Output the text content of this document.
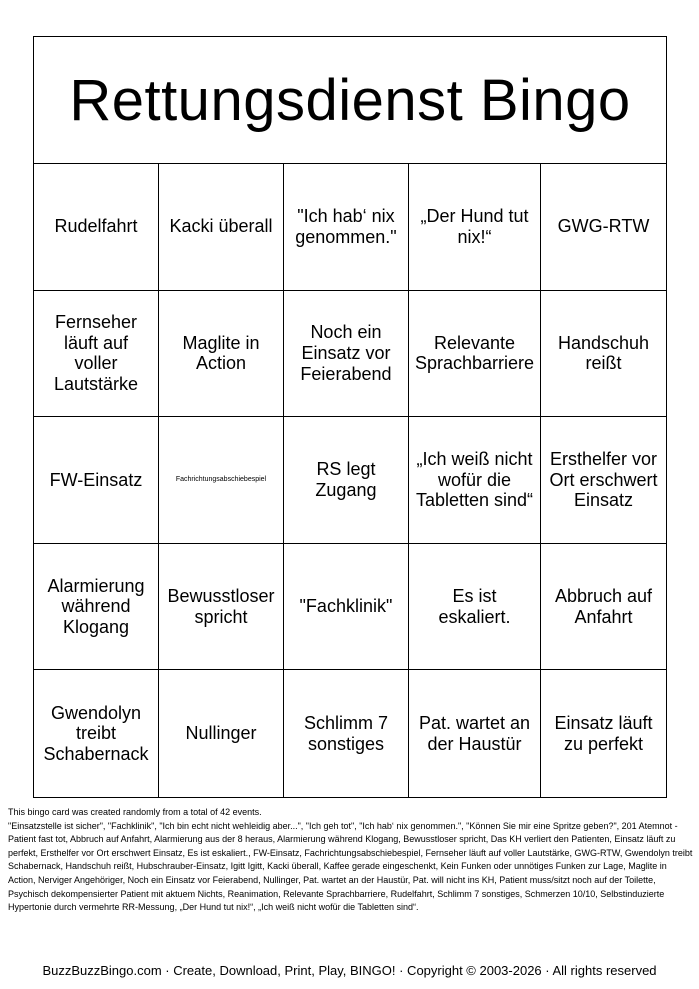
Rettungsdienst Bingo
Rudelfahrt	Kacki überall
"Ich hab‘ nix genommen."
„Der Hund tut nix!“
GWG-RTW
Fernseher läuft auf voller Lautstärke
Maglite in Action
Noch ein Einsatz vor Feierabend
Relevante Sprachbarriere
Handschuh reißt
FW-Einsatz	Fachrichtungsabschiebespiel
RS legt Zugang
„Ich weiß nicht wofür die Tabletten sind“
Ersthelfer vor Ort erschwert Einsatz
Alarmierung während Klogang
Bewusstloser spricht
"Fachklinik"
Es ist eskaliert.
Abbruch auf Anfahrt
Gwendolyn treibt Schabernack
Nullinger
Schlimm 7 sonstiges
Pat. wartet an der Haustür
Einsatz läuft zu perfekt
This bingo card was created randomly from a total of 42 events.
"Einsatzstelle ist sicher", "Fachklinik", "Ich bin echt nicht wehleidig aber...", "Ich geh tot", "Ich hab‘ nix genommen.", "Können Sie mir eine Spritze geben?", 201 Atemnot - Patient fast tot, Abbruch auf Anfahrt, Alarmierung aus der 8 heraus, Alarmierung während Klogang, Bewusstloser spricht, Das KH verliert den Patienten, Einsatz läuft zu perfekt, Ersthelfer vor Ort erschwert Einsatz, Es ist eskaliert., FW-Einsatz, Fachrichtungsabschiebespiel, Fernseher läuft auf voller Lautstärke, GWG-RTW, Gwendolyn treibt Schabernack, Handschuh reißt, Hubschrauber-Einsatz, Igitt Igitt, Kacki überall, Kaffee gerade eingeschenkt, Kein Funken oder unnötiges Funken zur Lage, Maglite in Action, Nerviger Angehöriger, Noch ein Einsatz vor Feierabend, Nullinger, Pat. wartet an der Haustür, Pat. will nicht ins KH, Patient muss/sitzt noch auf der Toilette, Psychisch dekompensierter Patient mit aktuem Nichts, Reanimation, Relevante Sprachbarriere, Rudelfahrt, Schlimm 7 sonstiges, Schmerzen 10/10, Selbstinduzierte Hypertonie durch vermehrte RR-Messung, „Der Hund tut nix!“, „Ich weiß nicht wofür die Tabletten sind“.
BuzzBuzzBingo.com · Create, Download, Print, Play, BINGO! · Copyright © 2003-2026 · All rights reserved
